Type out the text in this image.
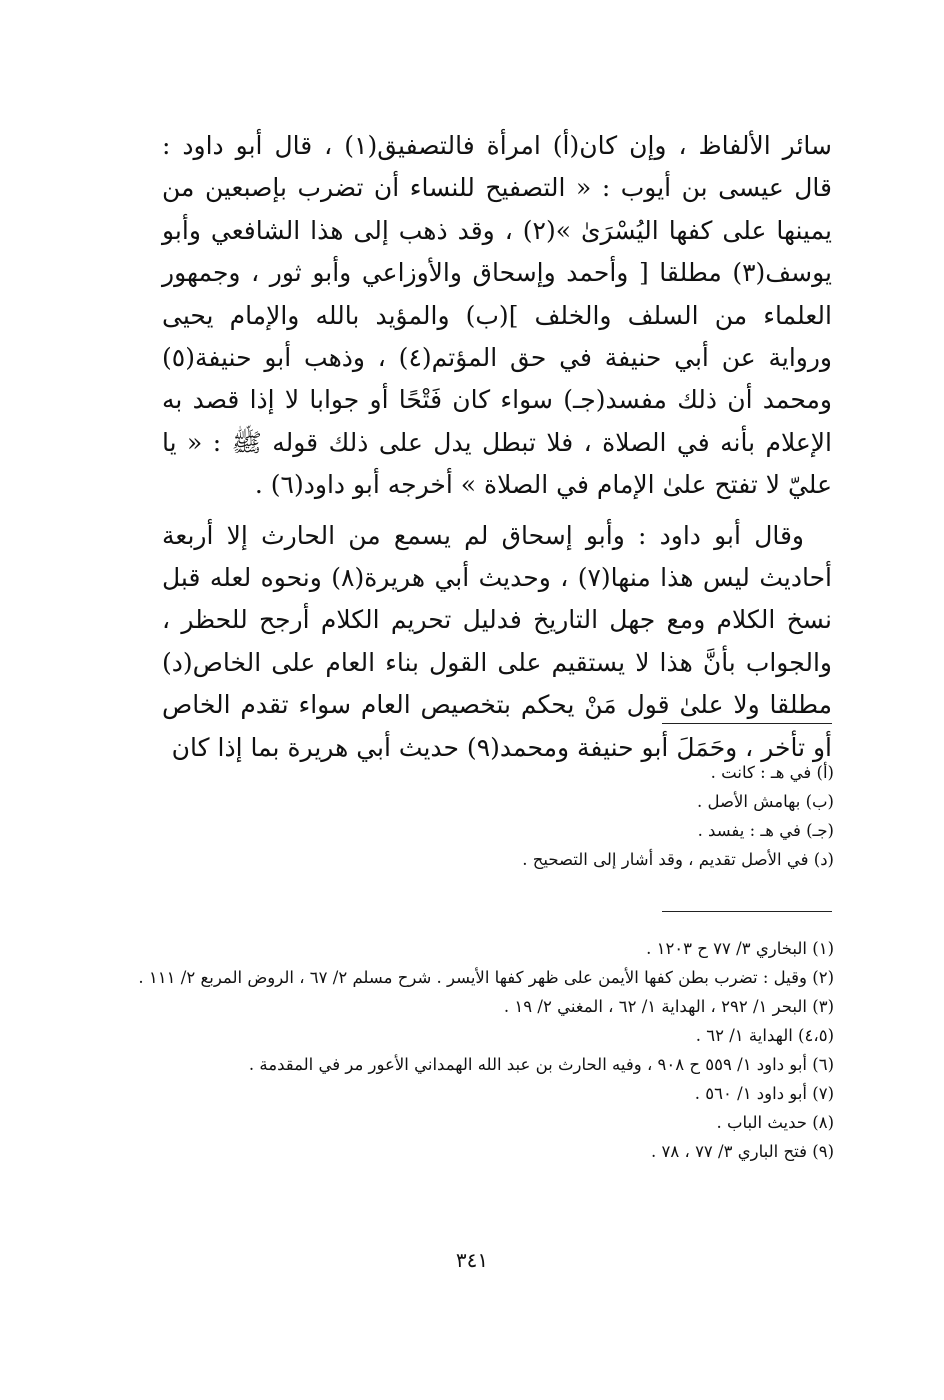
سائر الألفاظ ، وإن كان(أ) امرأة فالتصفيق(١) ، قال أبو داود : قال عيسى بن أيوب : « التصفيح للنساء أن تضرب بإصبعين من يمينها على كفها اليُسْرَىٰ »(٢) ، وقد ذهب إلى هذا الشافعي وأبو يوسف(٣) مطلقا [ وأحمد وإسحاق والأوزاعي وأبو ثور ، وجمهور العلماء من السلف والخلف ](ب) والمؤيد بالله والإمام يحيى ورواية عن أبي حنيفة في حق المؤتم(٤) ، وذهب أبو حنيفة(٥) ومحمد أن ذلك مفسد(جـ) سواء كان فَتْحًا أو جوابا لا إذا قصد به الإعلام بأنه في الصلاة ، فلا تبطل يدل على ذلك قوله ﷺ : « يا عليّ لا تفتح علىٰ الإمام في الصلاة » أخرجه أبو داود(٦) .

وقال أبو داود : وأبو إسحاق لم يسمع من الحارث إلا أربعة أحاديث ليس هذا منها(٧) ، وحديث أبي هريرة(٨) ونحوه لعله قبل نسخ الكلام ومع جهل التاريخ فدليل تحريم الكلام أرجح للحظر ، والجواب بأنَّ هذا لا يستقيم على القول بناء العام على الخاص(د) مطلقا ولا علىٰ قول مَنْ يحكم بتخصيص العام سواء تقدم الخاص أو تأخر ، وحَمَلَ أبو حنيفة ومحمد(٩) حديث أبي هريرة بما إذا كان

(أ) في هـ : كانت .

(ب) بهامش الأصل .

(جـ) في هـ : يفسد .

(د) في الأصل تقديم ، وقد أشار إلى التصحيح .

(١) البخاري ٣/ ٧٧ ح ١٢٠٣ .

(٢) وقيل : تضرب بطن كفها الأيمن على ظهر كفها الأيسر . شرح مسلم ٢/ ٦٧ ، الروض المربع ٢/ ١١١ .

(٣) البحر ١/ ٢٩٢ ، الهداية ١/ ٦٢ ، المغني ٢/ ١٩ .

(٤،٥) الهداية ١/ ٦٢ .

(٦) أبو داود ١/ ٥٥٩ ح ٩٠٨ ، وفيه الحارث بن عبد الله الهمداني الأعور مر في المقدمة .

(٧) أبو داود ١/ ٥٦٠ .

(٨) حديث الباب .

(٩) فتح الباري ٣/ ٧٧ ، ٧٨ .

٣٤١
